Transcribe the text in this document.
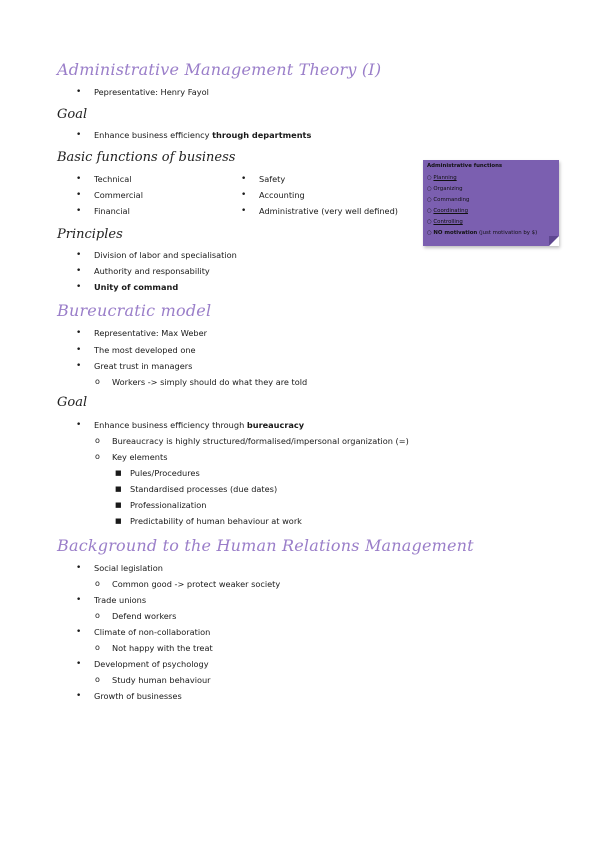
Administrative Management Theory (I)
• Pepresentative: Henry Fayol
Goal
• Enhance business efficiency through departments
Basic functions of business
• Technical
• Commercial
• Financial
• Safety
• Accounting
• Administrative (very well defined)
Principles
• Division of labor and specialisation
• Authority and responsability
• Unity of command
Bureucratic model
• Representative: Max Weber
• The most developed one
• Great trust in managers
o Workers -> simply should do what they are told
Goal
• Enhance business efficiency through bureaucracy
o Bureaucracy is highly structured/formalised/impersonal organization (=)
o Key elements
■ Pules/Procedures
■ Standardised processes (due dates)
■ Professionalization
■ Predictability of human behaviour at work
Background to the Human Relations Management
• Social legislation
o Common good -> protect weaker society
• Trade unions
o Defend workers
• Climate of non-collaboration
o Not happy with the treat
• Development of psychology
o Study human behaviour
• Growth of businesses
Administrative functions
○ Planning
○ Organizing
○ Commanding
○ Coordinating
○ Controlling
○ NO motivation (just motivation by $)
